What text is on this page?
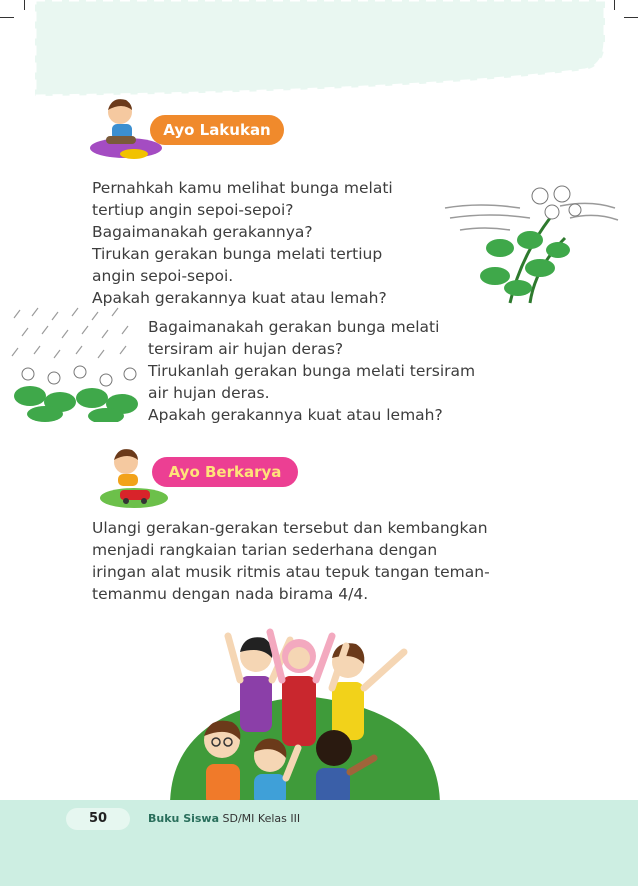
Ayo Lakukan
Pernahkah kamu melihat bunga melati
tertiup angin sepoi-sepoi?
Bagaimanakah gerakannya?
Tirukan gerakan bunga melati tertiup
angin sepoi-sepoi.
Apakah gerakannya kuat atau lemah?
Bagaimanakah gerakan bunga melati
tersiram air hujan deras?
Tirukanlah gerakan bunga melati tersiram
air hujan deras.
Apakah gerakannya kuat atau lemah?
Ayo Berkarya
Ulangi gerakan-gerakan tersebut dan kembangkan
menjadi rangkaian tarian sederhana dengan
iringan alat musik ritmis atau tepuk tangan teman-
temanmu dengan nada birama 4/4.
50	Buku Siswa SD/MI Kelas III
